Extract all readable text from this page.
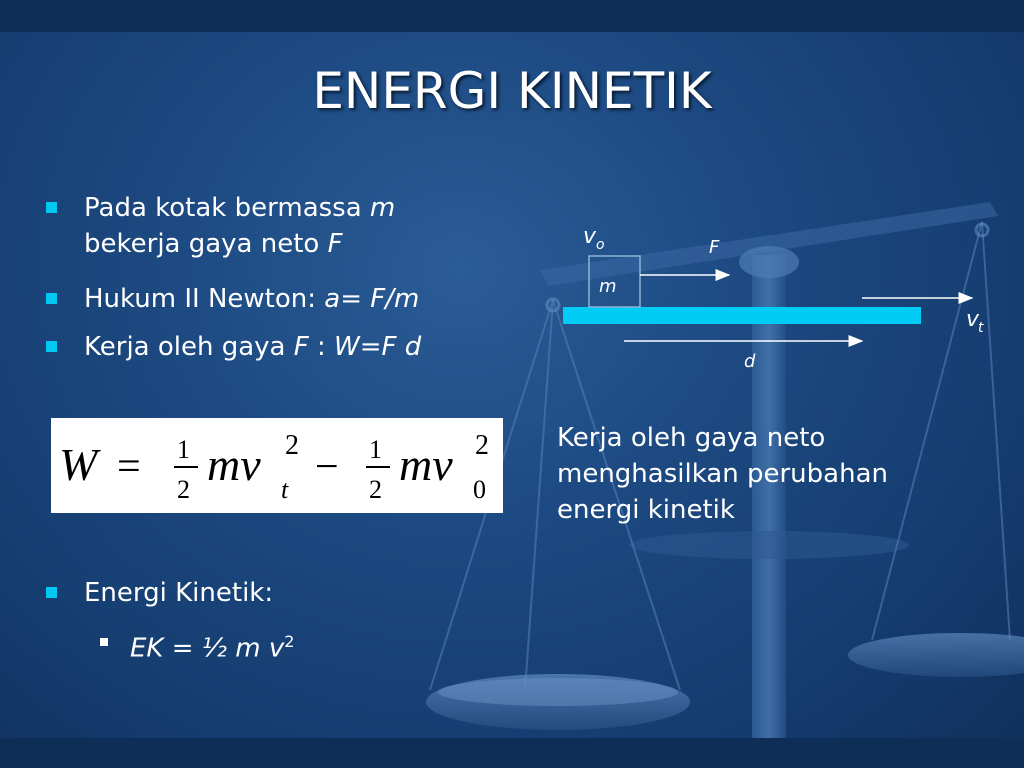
ENERGI KINETIK
Pada kotak bermassa m
bekerja gaya neto F
Hukum II Newton: a= F/m
Kerja oleh gaya F : W=F d
W = 1
2 mv 2
t − 1
2 mv 2
0
Kerja oleh gaya neto menghasilkan perubahan energi kinetik
Energi Kinetik:
EK = ½ m $v^2$
m
v o	F
v
t
d
